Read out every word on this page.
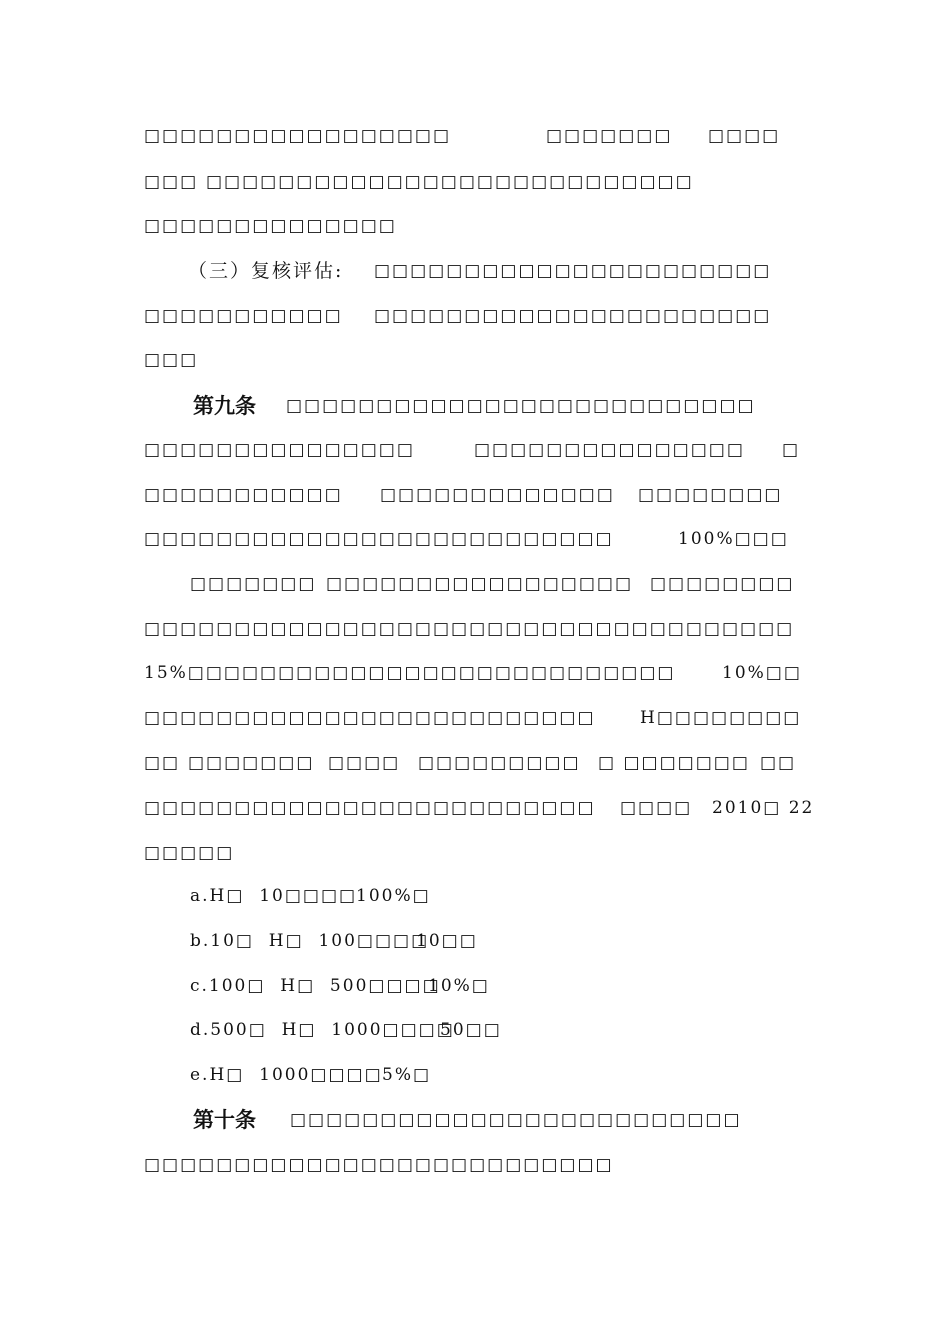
□□□□□□□□□□□□□□□□□	□□□□□□□ □□□□
□□□ □□□□□□□□□□□□□□□□□□□□□□□□□□□
□□□□□□□□□□□□□□
（三）复核评估: □□□□□□□□□□□□□□□□□□□□□□
□□□□□□□□□□□ □□□□□□□□□□□□□□□□□□□□□□
□□□
第九条 □□□□□□□□□□□□□□□□□□□□□□□□□□
□□□□□□□□□□□□□□□	□□□□□□□□□□□□□□□ □
□□□□□□□□□□□ □□□□□□□□□□□□□ □□□□□□□□
□□□□□□□□□□□□□□□□□□□□□□□□□□	100%□□□
□□□□□□□ □□□□□□□□□□□□□□□□□ □□□□□□□□
□□□□□□□□□□□□□□□□□□□□□□□□□□□□□□□□□□□□
15%□□□□□□□□□□□□□□□□□□□□□□□□□□□	10%□□
□□□□□□□□□□□□□□□□□□□□□□□□□	H□□□□□□□□
□□ □□□□□□□ □□□□ □□□□□□□□□ □ □□□□□□□ □□
□□□□□□□□□□□□□□□□□□□□□□□□□ □□□□ 2010□ 22
□□□□□
a.H□  10□□□□
100%□
b.10□  H□  100□□□□
10□□
c.100□  H□  500□□□□
10%□
d.500□  H□  1000□□□□
50□□
e.H□  1000□□□□ 5%□
第十条 □□□□□□□□□□□□□□□□□□□□□□□□□
□□□□□□□□□□□□□□□□□□□□□□□□□□
